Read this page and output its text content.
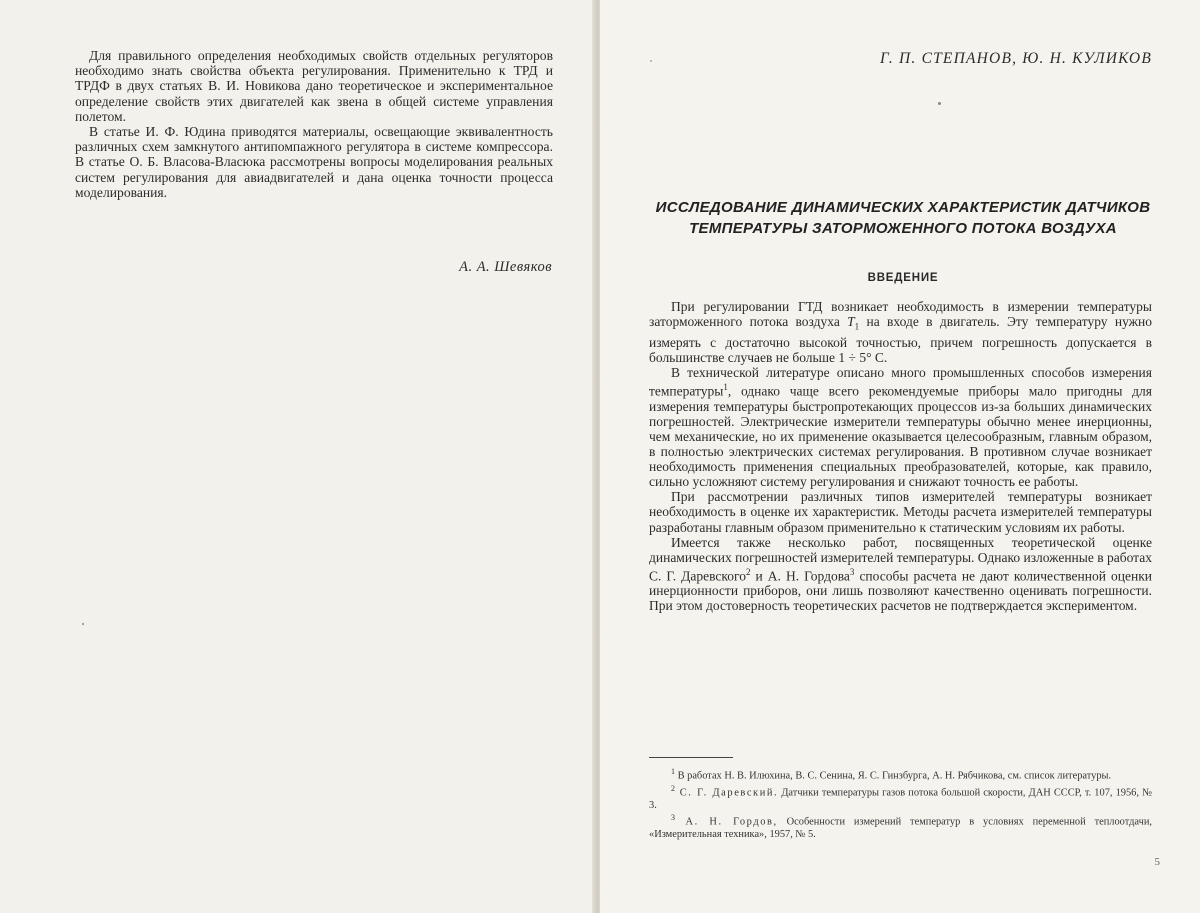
Для правильного определения необходимых свойств отдельных регуляторов необходимо знать свойства объекта регулирования. Применительно к ТРД и ТРДФ в двух статьях В. И. Новикова дано теоретическое и экспериментальное определение свойств этих двигателей как звена в общей системе управления полетом.

В статье И. Ф. Юдина приводятся материалы, освещающие эквивалентность различных схем замкнутого антипомпажного регулятора в системе компрессора. В статье О. Б. Власова-Власюка рассмотрены вопросы моделирования реальных систем регулирования для авиадвигателей и дана оценка точности процесса моделирования.

А. А. Шевяков
Г. П. СТЕПАНОВ, Ю. Н. КУЛИКОВ
ИССЛЕДОВАНИЕ ДИНАМИЧЕСКИХ ХАРАКТЕРИСТИК ДАТЧИКОВ ТЕМПЕРАТУРЫ ЗАТОРМОЖЕННОГО ПОТОКА ВОЗДУХА
ВВЕДЕНИЕ

При регулировании ГТД возникает необходимость в измерении температуры заторможенного потока воздуха $T_1$ на входе в двигатель. Эту температуру нужно измерять с достаточно высокой точностью, причем погрешность допускается в большинстве случаев не больше 1 ÷ 5° С.

В технической литературе описано много промышленных способов измерения температуры$^1$, однако чаще всего рекомендуемые приборы мало пригодны для измерения температуры быстропротекающих процессов из-за больших динамических погрешностей. Электрические измерители температуры обычно менее инерционны, чем механические, но их применение оказывается целесообразным, главным образом, в полностью электрических системах регулирования. В противном случае возникает необходимость применения специальных преобразователей, которые, как правило, сильно усложняют систему регулирования и снижают точность ее работы.

При рассмотрении различных типов измерителей температуры возникает необходимость в оценке их характеристик. Методы расчета измерителей температуры разработаны главным образом применительно к статическим условиям их работы.

Имеется также несколько работ, посвященных теоретической оценке динамических погрешностей измерителей температуры. Однако изложенные в работах С. Г. Даревского$^2$ и А. Н. Гордова$^3$ способы расчета не дают количественной оценки инерционности приборов, они лишь позволяют качественно оценивать погрешности. При этом достоверность теоретических расчетов не подтверждается экспериментом.

$^1$ В работах Н. В. Илюхина, В. С. Сенина, Я. С. Гинзбурга, А. Н. Рябчикова, см. список литературы.

$^2$ С. Г. Даревский. Датчики температуры газов потока большой скорости, ДАН СССР, т. 107, 1956, № 3.

$^3$ А. Н. Гордов, Особенности измерений температур в условиях переменной теплоотдачи, «Измерительная техника», 1957, № 5.

5
